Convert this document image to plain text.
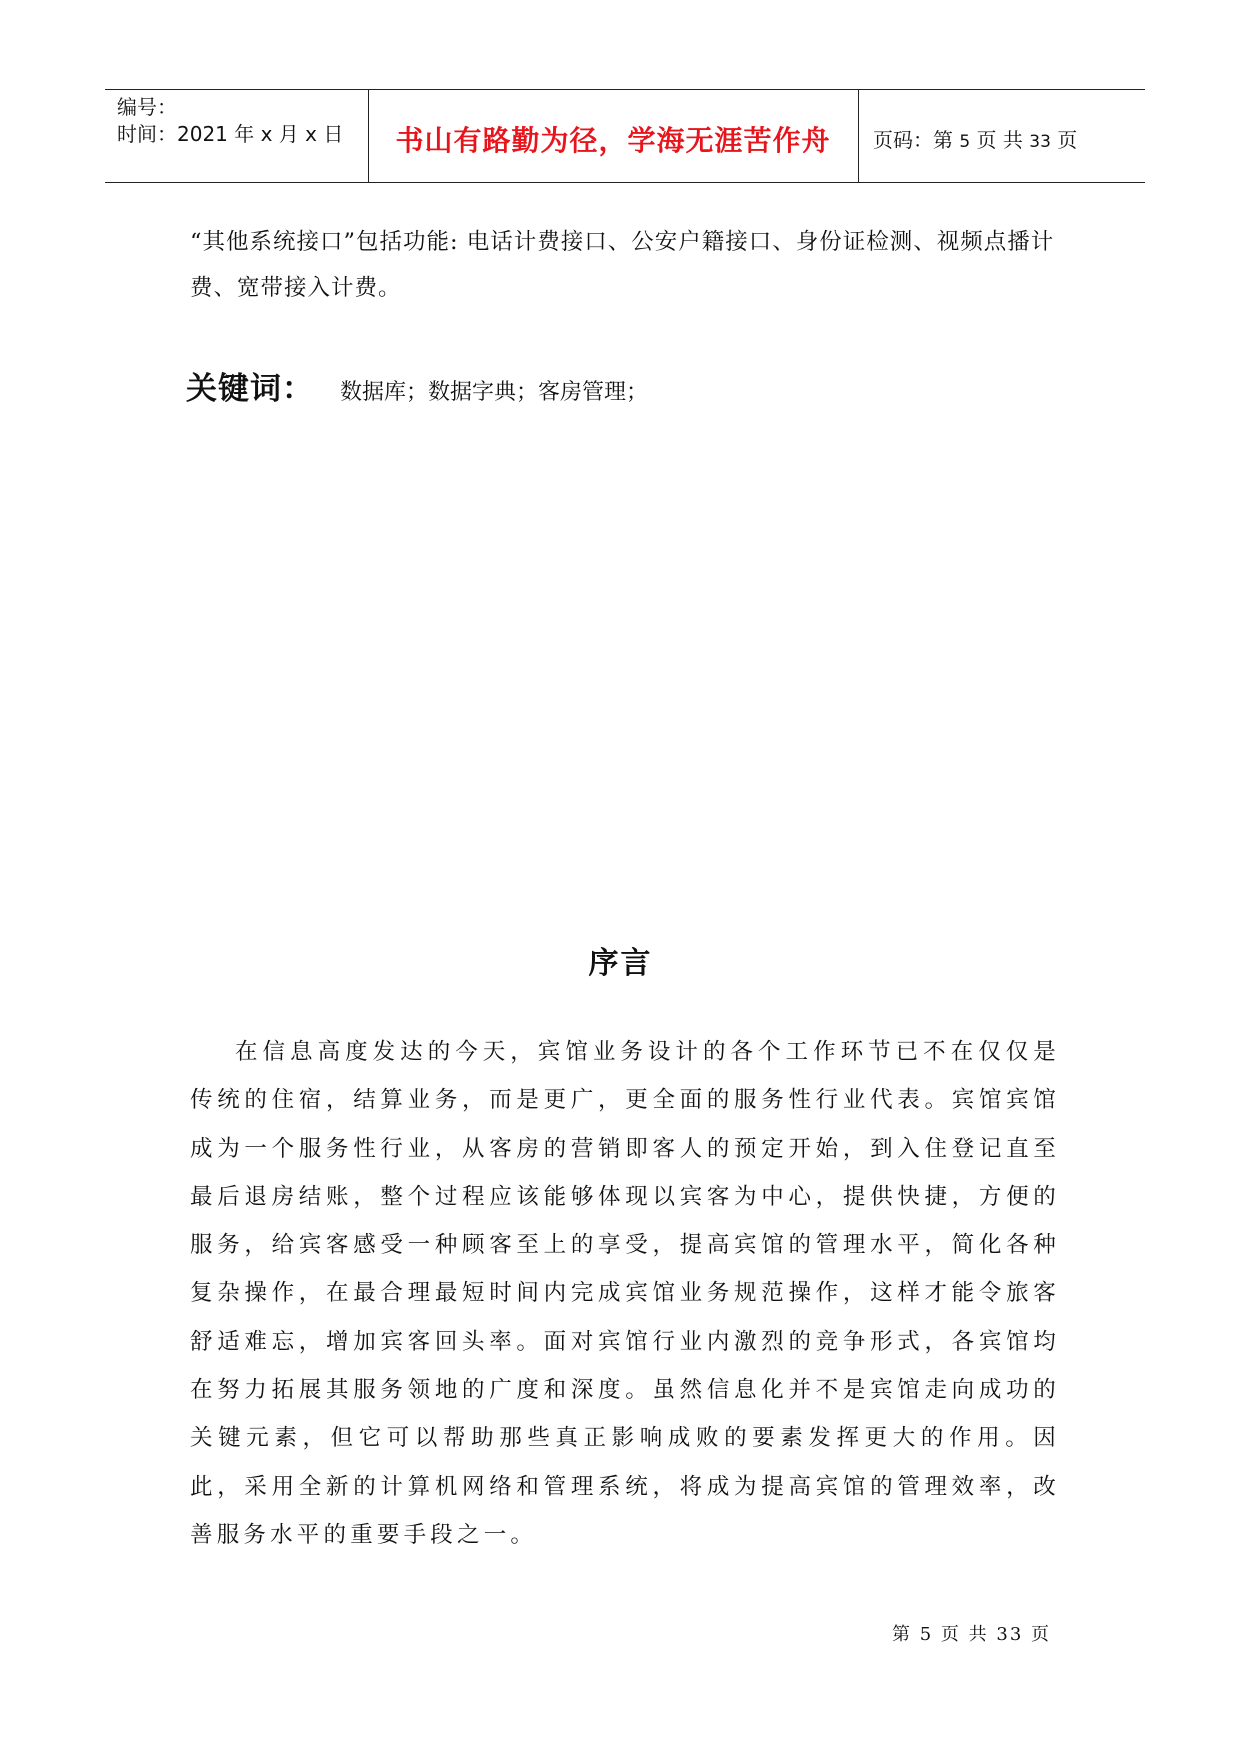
编号：
时间：2021 年 x 月 x 日	书山有路勤为径，学海无涯苦作舟	页码：第 5 页 共 33 页
“其他系统接口”包括功能: 电话计费接口、公安户籍接口、身份证检测、视频点播计费、宽带接入计费。
关键词： 数据库；数据字典；客房管理；
序言
在信息高度发达的今天，宾馆业务设计的各个工作环节已不在仅仅是传统的住宿，结算业务，而是更广，更全面的服务性行业代表。宾馆宾馆成为一个服务性行业，从客房的营销即客人的预定开始，到入住登记直至最后退房结账，整个过程应该能够体现以宾客为中心，提供快捷，方便的服务，给宾客感受一种顾客至上的享受，提高宾馆的管理水平，简化各种复杂操作，在最合理最短时间内完成宾馆业务规范操作，这样才能令旅客舒适难忘，增加宾客回头率。面对宾馆行业内激烈的竞争形式，各宾馆均在努力拓展其服务领地的广度和深度。虽然信息化并不是宾馆走向成功的关键元素，但它可以帮助那些真正影响成败的要素发挥更大的作用。因此，采用全新的计算机网络和管理系统，将成为提高宾馆的管理效率，改善服务水平的重要手段之一。
第 5 页 共 33 页
